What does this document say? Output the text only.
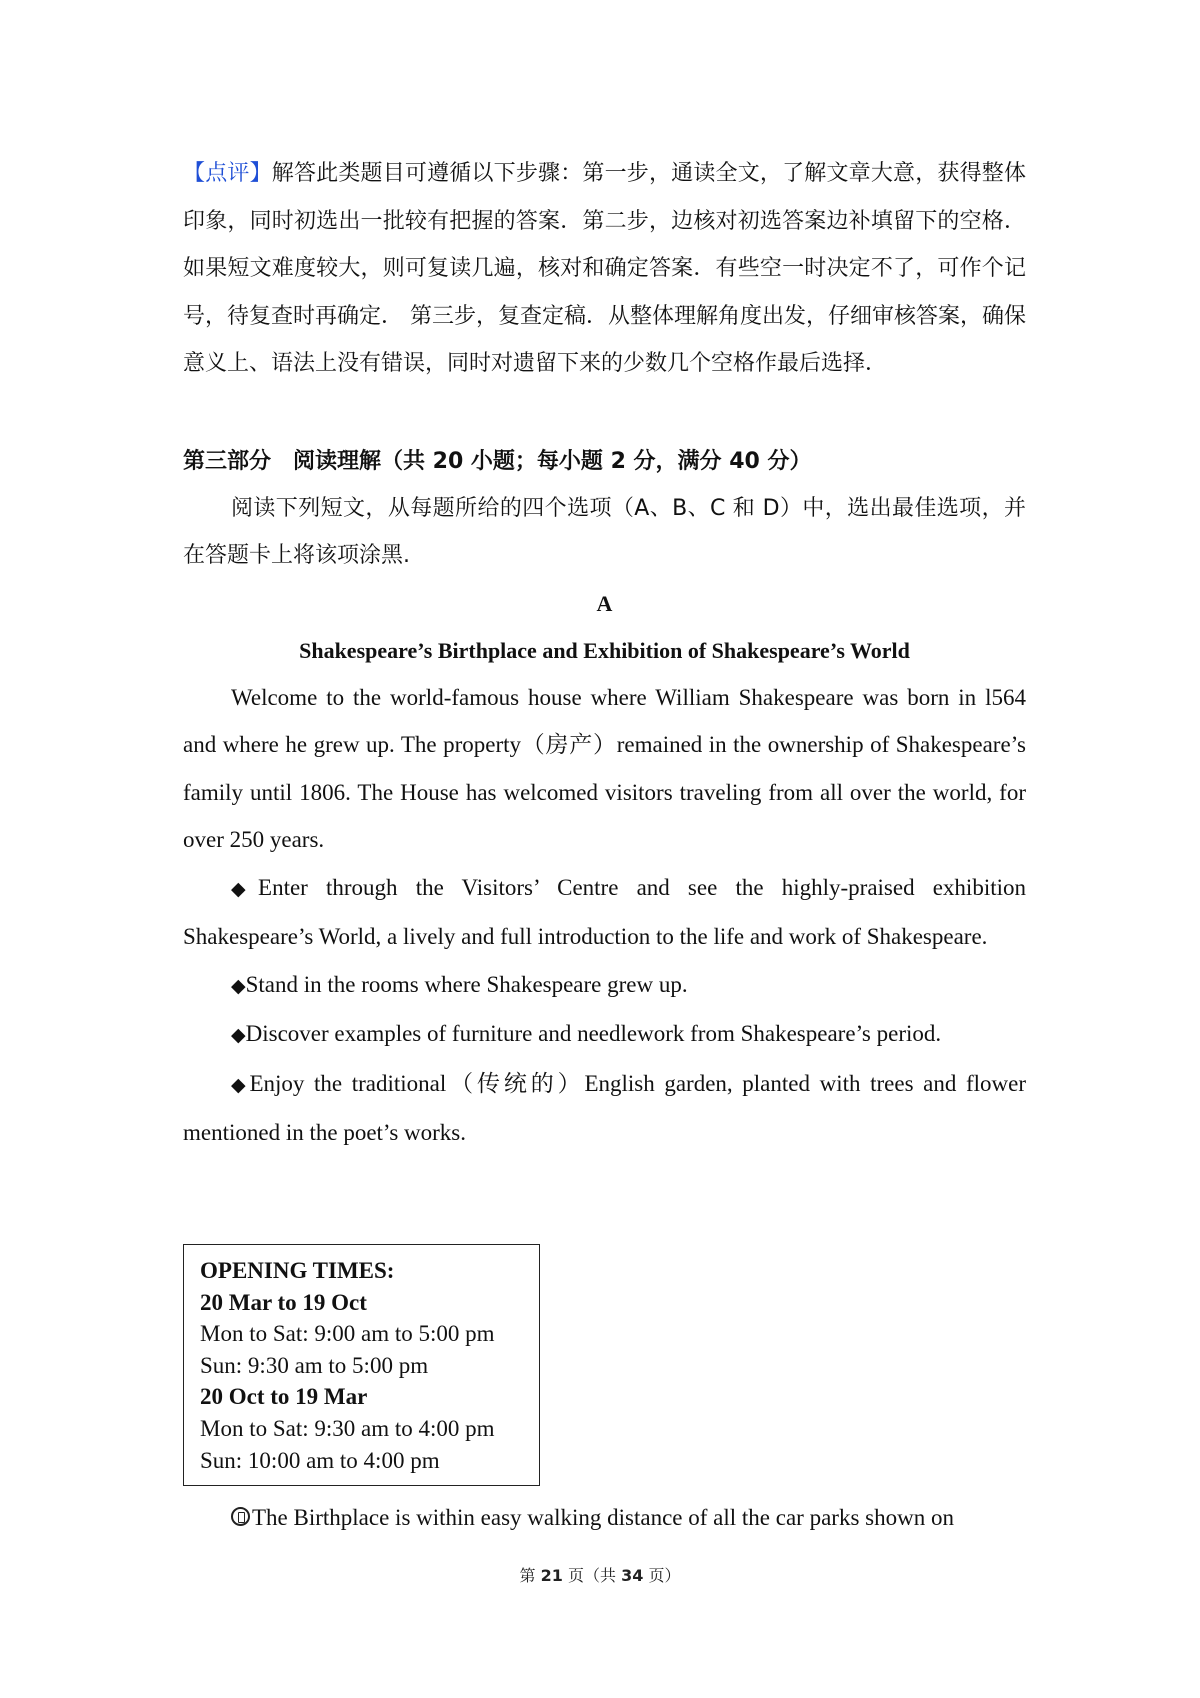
【点评】解答此类题目可遵循以下步骤：第一步，通读全文，了解文章大意，获得整体印象，同时初选出一批较有把握的答案．第二步，边核对初选答案边补填留下的空格．如果短文难度较大，则可复读几遍，核对和确定答案．有些空一时决定不了，可作个记号，待复查时再确定． 第三步，复查定稿．从整体理解角度出发，仔细审核答案，确保意义上、语法上没有错误，同时对遗留下来的少数几个空格作最后选择．

第三部分　阅读理解（共 20 小题；每小题 2 分，满分 40 分）

阅读下列短文，从每题所给的四个选项（A、B、C 和 D）中，选出最佳选项，并在答题卡上将该项涂黑.

A

Shakespeare’s Birthplace and Exhibition of Shakespeare’s World

Welcome to the world-famous house where William Shakespeare was born in l564 and where he grew up. The property（房产）remained in the ownership of Shakespeare’s family until 1806. The House has welcomed visitors traveling from all over the world, for over 250 years.

◆Enter through the Visitors’ Centre and see the highly-praised exhibition Shakespeare’s World, a lively and full introduction to the life and work of Shakespeare.

◆Stand in the rooms where Shakespeare grew up.

◆Discover examples of furniture and needlework from Shakespeare’s period.

◆Enjoy the traditional（传统的）English garden, planted with trees and flower mentioned in the poet’s works.

OPENING TIMES:
20 Mar to 19 Oct
Mon to Sat: 9:00 am to 5:00 pm
Sun: 9:30 am to 5:00 pm
20 Oct to 19 Mar
Mon to Sat: 9:30 am to 4:00 pm
Sun: 10:00 am to 4:00 pm

The Birthplace is within easy walking distance of all the car parks shown on

第 21 页（共 34 页）
